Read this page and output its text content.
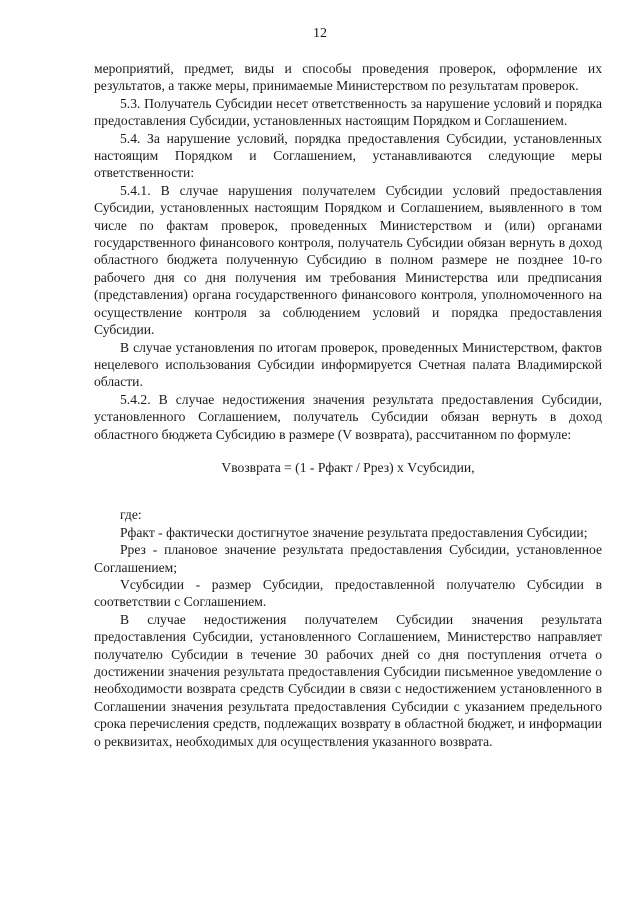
12

мероприятий, предмет, виды и способы проведения проверок, оформление их результатов, а также меры, принимаемые Министерством по результатам проверок.

5.3. Получатель Субсидии несет ответственность за нарушение условий и порядка предоставления Субсидии, установленных настоящим Порядком и Соглашением.

5.4. За нарушение условий, порядка предоставления Субсидии, установленных настоящим Порядком и Соглашением, устанавливаются следующие меры ответственности:

5.4.1. В случае нарушения получателем Субсидии условий предоставления Субсидии, установленных настоящим Порядком и Соглашением, выявленного в том числе по фактам проверок, проведенных Министерством и (или) органами государственного финансового контроля, получатель Субсидии обязан вернуть в доход областного бюджета полученную Субсидию в полном размере не позднее 10-го рабочего дня со дня получения им требования Министерства или предписания (представления) органа государственного финансового контроля, уполномоченного на осуществление контроля за соблюдением условий и порядка предоставления Субсидии.

В случае установления по итогам проверок, проведенных Министерством, фактов нецелевого использования Субсидии информируется Счетная палата Владимирской области.

5.4.2. В случае недостижения значения результата предоставления Субсидии, установленного Соглашением, получатель Субсидии обязан вернуть в доход областного бюджета Субсидию в размере (V возврата), рассчитанном по формуле:

Vвозврата = (1 - Рфакт / Ррез) х Vсубсидии,

где:

Рфакт - фактически достигнутое значение результата предоставления Субсидии;

Ррез - плановое значение результата предоставления Субсидии, установленное Соглашением;

Vсубсидии - размер Субсидии, предоставленной получателю Субсидии в соответствии с Соглашением.

В случае недостижения получателем Субсидии значения результата предоставления Субсидии, установленного Соглашением, Министерство направляет получателю Субсидии в течение 30 рабочих дней со дня поступления отчета о достижении значения результата предоставления Субсидии письменное уведомление о необходимости возврата средств Субсидии в связи с недостижением установленного в Соглашении значения результата предоставления Субсидии с указанием предельного срока перечисления средств, подлежащих возврату в областной бюджет, и информации о реквизитах, необходимых для осуществления указанного возврата.
